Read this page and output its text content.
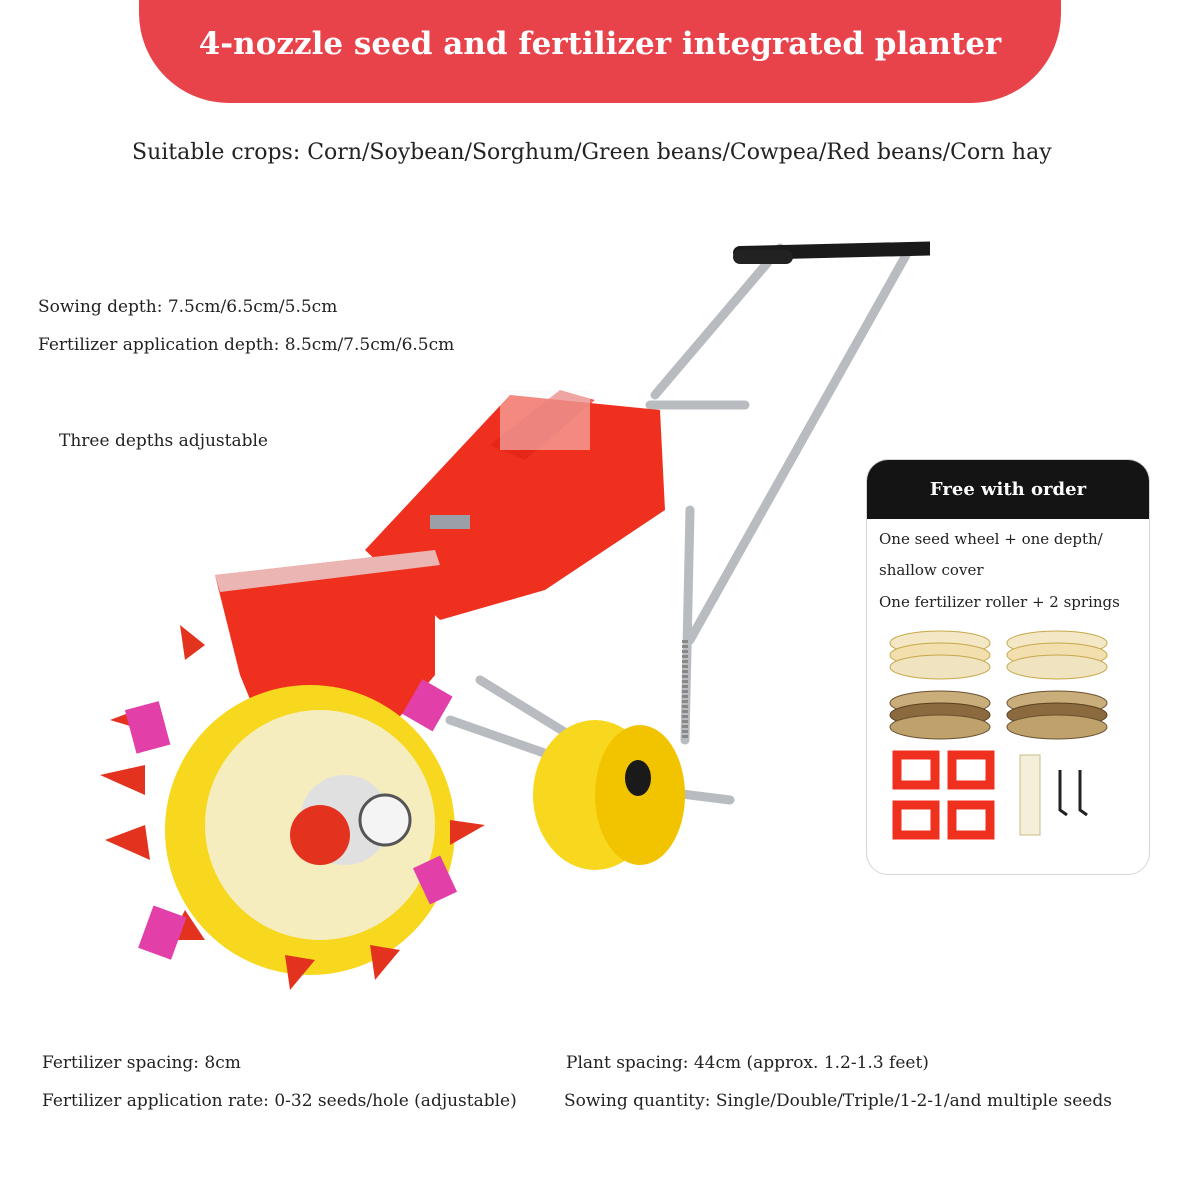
4-nozzle seed and fertilizer integrated planter
Suitable crops: Corn/Soybean/Sorghum/Green beans/Cowpea/Red beans/Corn hay
Sowing depth: 7.5cm/6.5cm/5.5cm
Fertilizer application depth: 8.5cm/7.5cm/6.5cm
Three depths adjustable
Free with order
One seed wheel + one depth/
shallow cover
One fertilizer roller + 2 springs
Fertilizer spacing: 8cm
Fertilizer application rate: 0-32 seeds/hole (adjustable)
Plant spacing: 44cm (approx. 1.2-1.3 feet)
Sowing quantity: Single/Double/Triple/1-2-1/and multiple seeds
